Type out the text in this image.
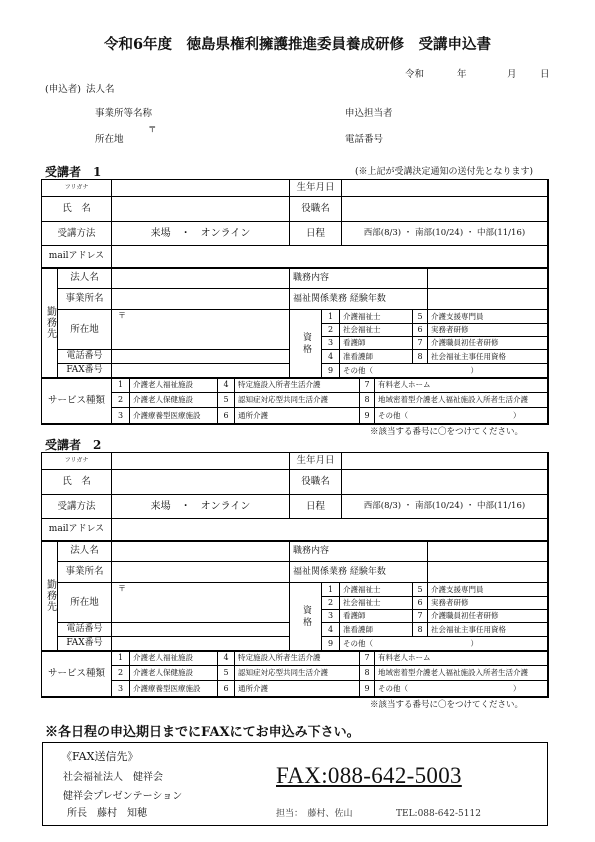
令和6年度　徳島県権利擁護推進委員養成研修　受講申込書
令和	年	月 日
(申込者) 法人名
事業所等名称	申込担当者
〒
所在地	電話番号
受講者　1	(※上記が受講決定通知の送付先となります)
フリガナ	生年月日
氏　名	役職名
受講方法	来場　・　オンライン	日程	西部(8/3) ・ 南部(10/24) ・ 中部(11/16)
mailアドレス
勤務先
法人名	職務内容
事業所名	福祉関係業務 経験年数
所在地
〒
電話番号
FAX番号
資格
1	介護福祉士	5	介護支援専門員
2	社会福祉士	6	実務者研修
3	看護師	7	介護職員初任者研修
4	准看護師	8	社会福祉主事任用資格
9	その他（　　　　　　　　　　　　　）
サービス種類
1	介護老人福祉施設	4	特定施設入所者生活介護	7	有料老人ホーム
2	介護老人保健施設	5	認知症対応型共同生活介護	8	地域密着型介護老人福祉施設入所者生活介護
3	介護療養型医療施設	6	通所介護	9	その他（　　　　　　　　　　　　　　）
※該当する番号に〇をつけてください。
受講者　2
フリガナ	生年月日
氏　名	役職名
受講方法	来場　・　オンライン	日程	西部(8/3) ・ 南部(10/24) ・ 中部(11/16)
mailアドレス
勤務先
法人名	職務内容
事業所名	福祉関係業務 経験年数
所在地
〒
電話番号
FAX番号
資格
1	介護福祉士	5	介護支援専門員
2	社会福祉士	6	実務者研修
3	看護師	7	介護職員初任者研修
4	准看護師	8	社会福祉主事任用資格
9	その他（　　　　　　　　　　　　　）
サービス種類
1	介護老人福祉施設	4	特定施設入所者生活介護	7	有料老人ホーム
2	介護老人保健施設	5	認知症対応型共同生活介護	8	地域密着型介護老人福祉施設入所者生活介護
3	介護療養型医療施設	6	通所介護	9	その他（　　　　　　　　　　　　　　）
※該当する番号に〇をつけてください。
※各日程の申込期日までにFAXにてお申込み下さい。
《FAX送信先》
社会福祉法人　健祥会	FAX:088-642-5003
健祥会プレゼンテーション
所長　藤村　知穂	担当：　藤村、佐山	TEL:088-642-5112
